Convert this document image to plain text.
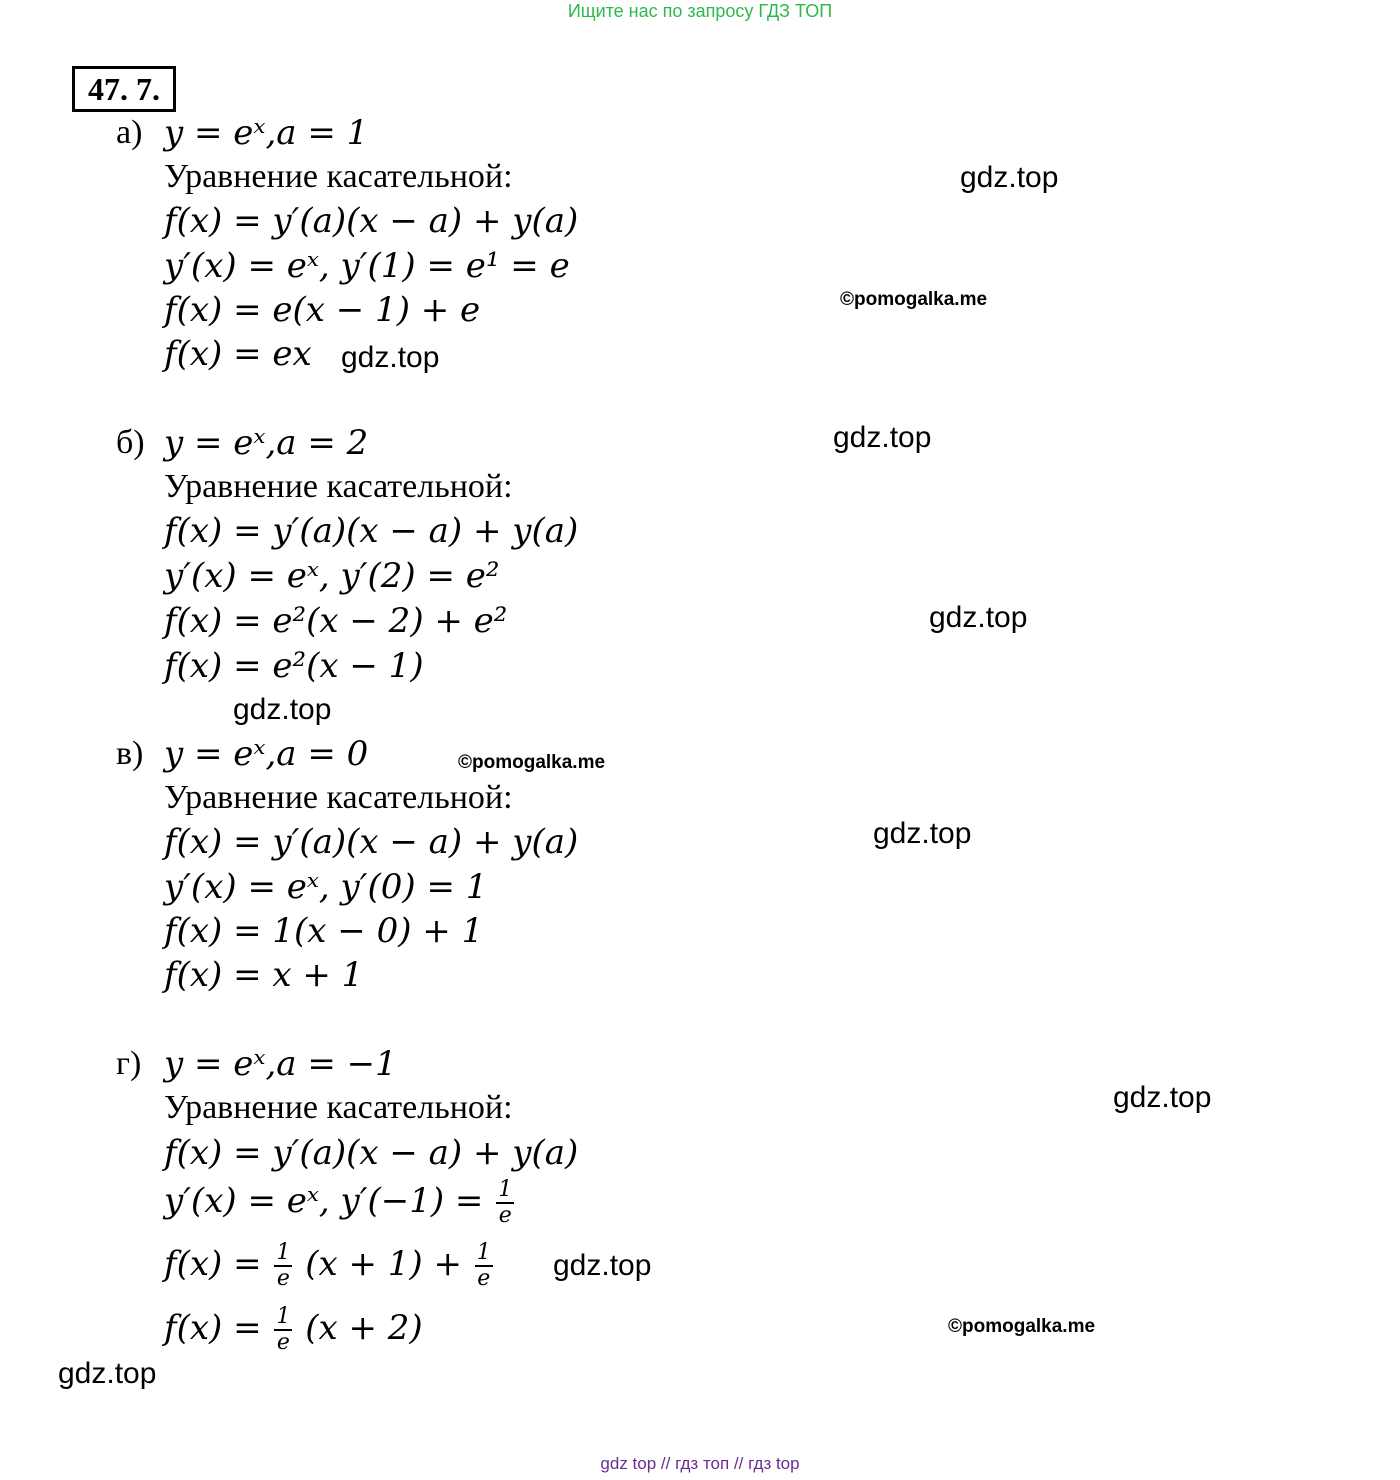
Ищите нас по запросу ГДЗ ТОП
47. 7.
а) y = eˣ,a = 1
Уравнение касательной:
f(x) = y′(a)(x − a) + y(a)
y′(x) = eˣ, y′(1) = e¹ = e
f(x) = e(x − 1) + e
f(x) = ex
б) y = eˣ,a = 2
Уравнение касательной:
f(x) = y′(a)(x − a) + y(a)
y′(x) = eˣ, y′(2) = e²
f(x) = e²(x − 2) + e²
f(x) = e²(x − 1)
в) y = eˣ,a = 0
Уравнение касательной:
f(x) = y′(a)(x − a) + y(a)
y′(x) = eˣ, y′(0) = 1
f(x) = 1(x − 0) + 1
f(x) = x + 1
г) y = eˣ,a = −1
Уравнение касательной:
f(x) = y′(a)(x − a) + y(a)
y′(x) = eˣ, $y'(-1) = \frac{1}{e}$
$f(x) = \frac{1}{e} (x + 1) + \frac{1}{e}$
$f(x) = \frac{1}{e} (x + 2)$
gdz.top
©pomogalka.me
gdz.top
gdz.top
gdz.top
gdz.top
©pomogalka.me
gdz.top
gdz.top
gdz.top
©pomogalka.me
gdz.top
gdz top // гдз топ // гдз top
